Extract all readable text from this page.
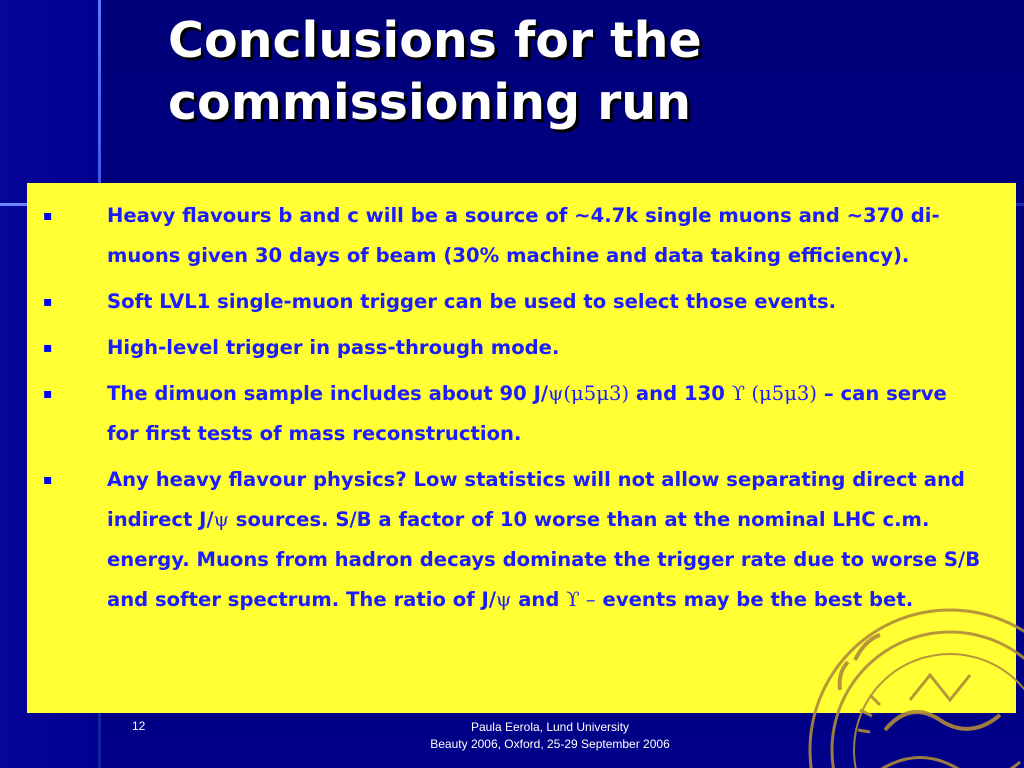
Conclusions for the
commissioning run
▪	Heavy flavours b and c will be a source of ~4.7k single muons and ~370 di-muons given 30 days of beam (30% machine and data taking efficiency).
▪	Soft LVL1 single-muon trigger can be used to select those events.
▪	High-level trigger in pass-through mode.
▪	The dimuon sample includes about 90 J/ψ(μ5μ3) and 130 ϒ (μ5μ3) – can serve for first tests of mass reconstruction.
▪	Any heavy flavour physics? Low statistics will not allow separating direct and indirect J/ψ sources. S/B a factor of 10 worse than at the nominal LHC c.m. energy. Muons from hadron decays dominate the trigger rate due to worse S/B and softer spectrum. The ratio of J/ψ and ϒ – events may be the best bet.
12	Paula Eerola, Lund University
Beauty 2006, Oxford, 25-29 September 2006
